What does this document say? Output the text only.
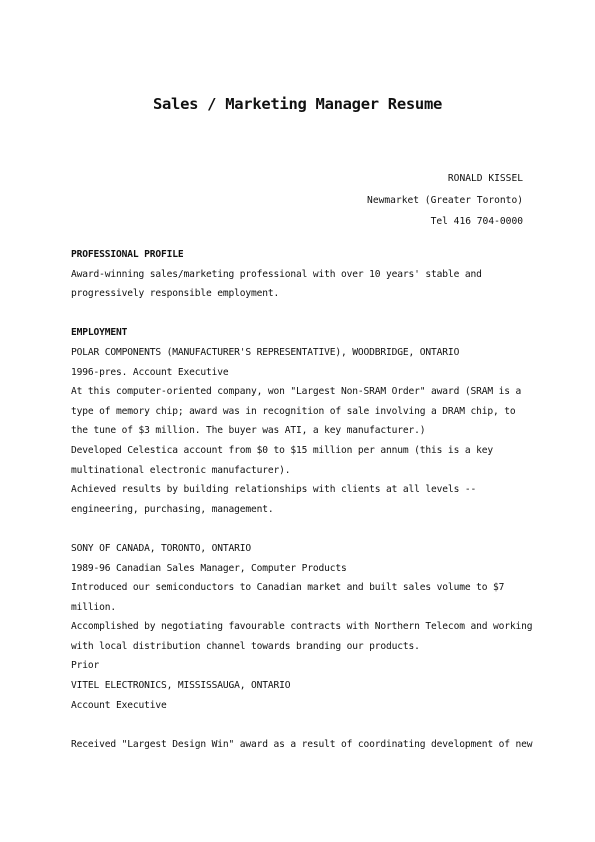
Sales / Marketing Manager Resume
RONALD KISSEL
Newmarket (Greater Toronto)
Tel 416 704-0000
PROFESSIONAL PROFILE
Award-winning sales/marketing professional with over 10 years' stable and
progressively responsible employment.
EMPLOYMENT
POLAR COMPONENTS (MANUFACTURER'S REPRESENTATIVE), WOODBRIDGE, ONTARIO
1996-pres. Account Executive
At this computer-oriented company, won "Largest Non-SRAM Order" award (SRAM is a
type of memory chip; award was in recognition of sale involving a DRAM chip, to
the tune of $3 million. The buyer was ATI, a key manufacturer.)
Developed Celestica account from $0 to $15 million per annum (this is a key
multinational electronic manufacturer).
Achieved results by building relationships with clients at all levels --
engineering, purchasing, management.
SONY OF CANADA, TORONTO, ONTARIO
1989-96 Canadian Sales Manager, Computer Products
Introduced our semiconductors to Canadian market and built sales volume to $7
million.
Accomplished by negotiating favourable contracts with Northern Telecom and working
with local distribution channel towards branding our products.
Prior
VITEL ELECTRONICS, MISSISSAUGA, ONTARIO
Account Executive
Received "Largest Design Win" award as a result of coordinating development of new
